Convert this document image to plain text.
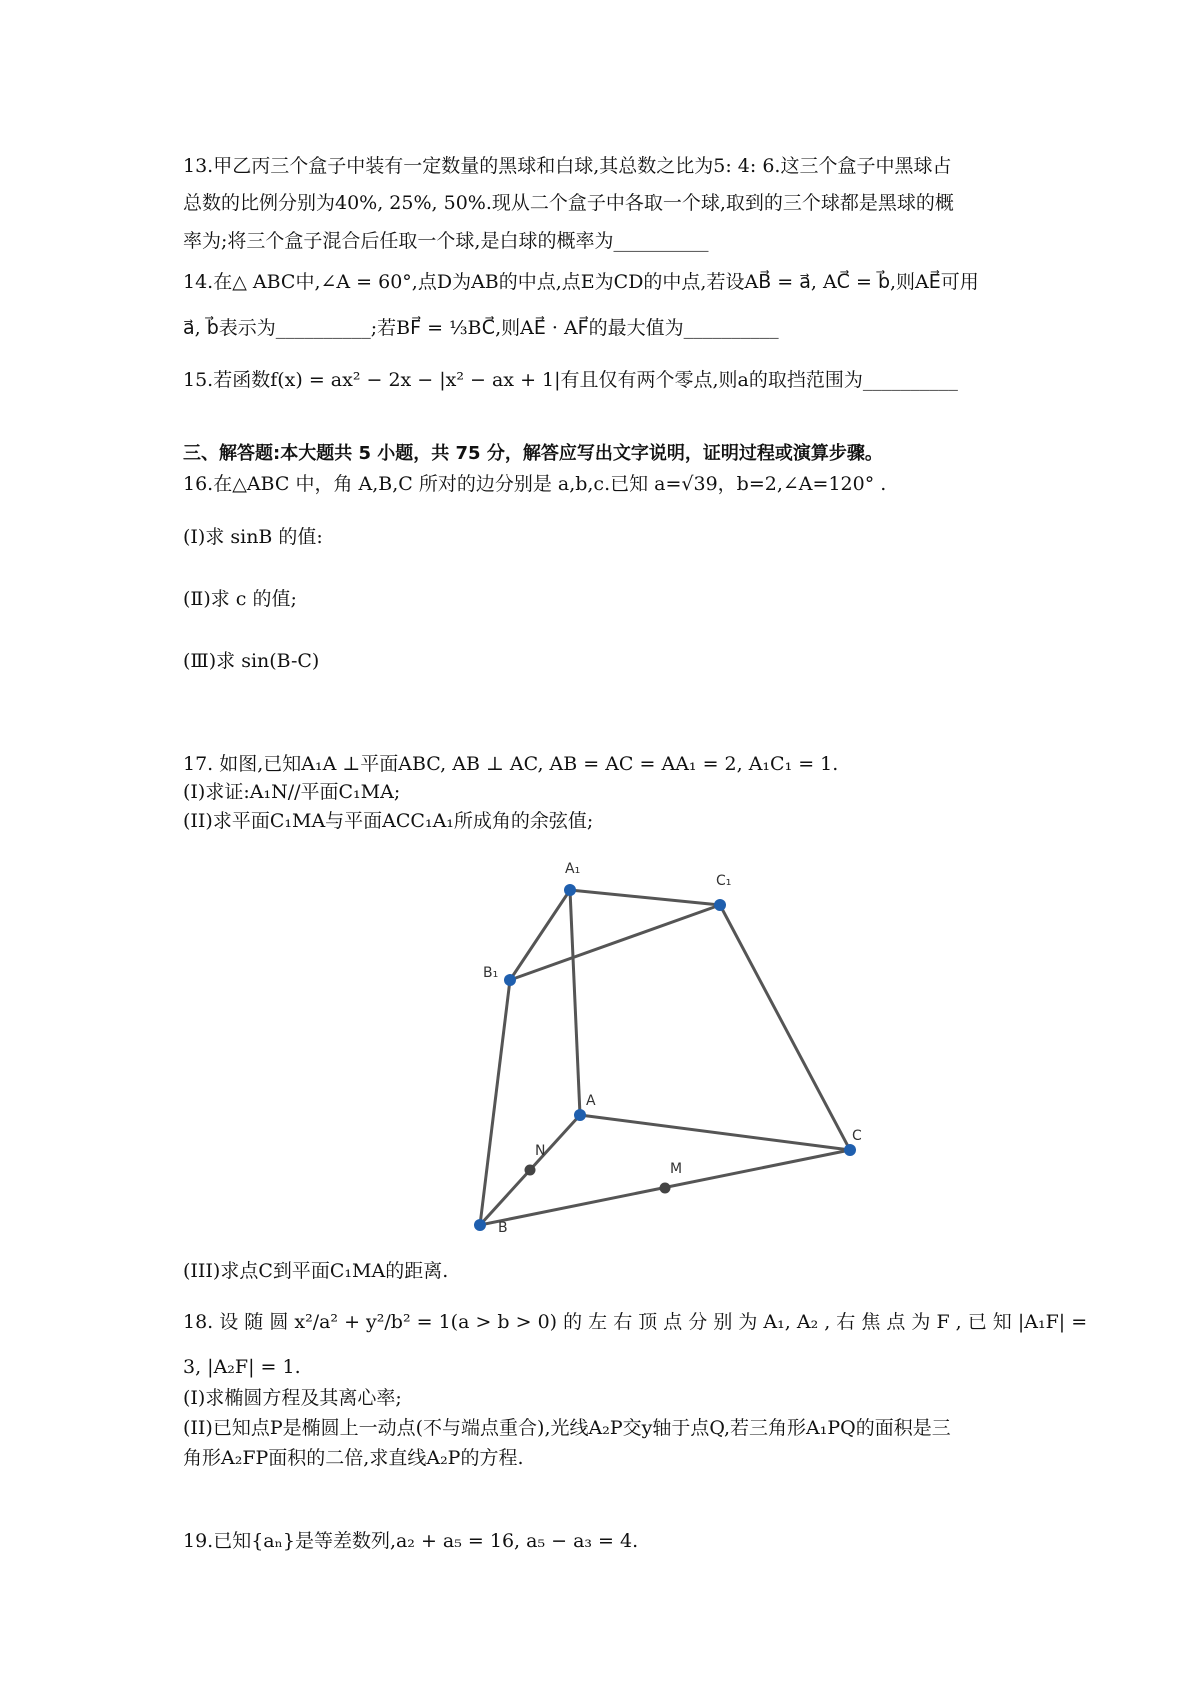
13.甲乙丙三个盒子中装有一定数量的黑球和白球,其总数之比为5: 4: 6.这三个盒子中黑球占
总数的比例分别为40%, 25%, 50%.现从二个盒子中各取一个球,取到的三个球都是黑球的概
率为;将三个盒子混合后任取一个球,是白球的概率为__________
14.在△ ABC中,∠A = 60°,点D为AB的中点,点E为CD的中点,若设AB⃗ = a⃗, AC⃗ = b⃗,则AE⃗可用
a⃗, b⃗表示为__________;若BF⃗ = ⅓BC⃗,则AE⃗ · AF⃗的最大值为__________
15.若函数f(x) = ax² − 2x − |x² − ax + 1|有且仅有两个零点,则a的取挡范围为__________
三、解答题:本大题共 5 小题，共 75 分，解答应写出文字说明，证明过程或演算步骤。
16.在△ABC 中，角 A,B,C 所对的边分别是 a,b,c.已知 a=√39，b=2,∠A=120° .
(Ⅰ)求 sinB 的值:
(Ⅱ)求 c 的值;
(Ⅲ)求 sin(B-C)
17. 如图,已知A₁A ⊥平面ABC, AB ⊥ AC, AB = AC = AA₁ = 2, A₁C₁ = 1.
(I)求证:A₁N//平面C₁MA;
(II)求平面C₁MA与平面ACC₁A₁所成角的余弦值;
A₁
C₁
B₁
A
C
B
N
M
(III)求点C到平面C₁MA的距离.
18. 设 随 圆 x²/a² + y²/b² = 1(a > b > 0) 的 左 右 顶 点 分 别 为 A₁, A₂ , 右 焦 点 为 F , 已 知 |A₁F| =
3, |A₂F| = 1.
(I)求椭圆方程及其离心率;
(II)已知点P是椭圆上一动点(不与端点重合),光线A₂P交y轴于点Q,若三角形A₁PQ的面积是三
角形A₂FP面积的二倍,求直线A₂P的方程.
19.已知{aₙ}是等差数列,a₂ + a₅ = 16, a₅ − a₃ = 4.
